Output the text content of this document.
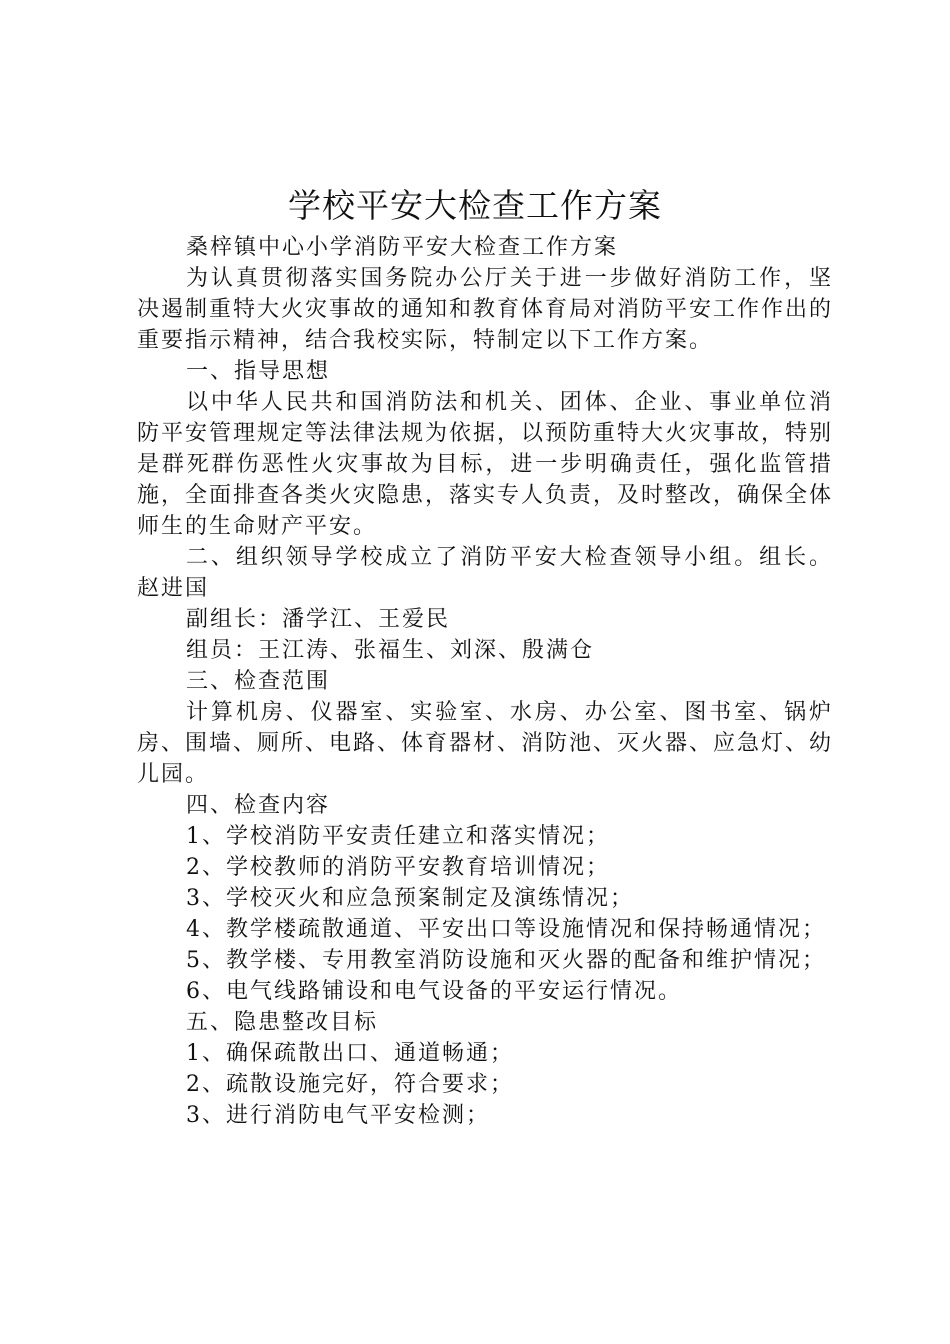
学校平安大检查工作方案

桑梓镇中心小学消防平安大检查工作方案

为认真贯彻落实国务院办公厅关于进一步做好消防工作，坚决遏制重特大火灾事故的通知和教育体育局对消防平安工作作出的重要指示精神，结合我校实际，特制定以下工作方案。

一、指导思想

以中华人民共和国消防法和机关、团体、企业、事业单位消防平安管理规定等法律法规为依据，以预防重特大火灾事故，特别是群死群伤恶性火灾事故为目标，进一步明确责任，强化监管措施，全面排查各类火灾隐患，落实专人负责，及时整改，确保全体师生的生命财产平安。

二、组织领导学校成立了消防平安大检查领导小组。组长。赵进国

副组长：潘学江、王爱民

组员：王江涛、张福生、刘深、殷满仓

三、检查范围

计算机房、仪器室、实验室、水房、办公室、图书室、锅炉房、围墙、厕所、电路、体育器材、消防池、灭火器、应急灯、幼儿园。

四、检查内容

1、学校消防平安责任建立和落实情况；

2、学校教师的消防平安教育培训情况；

3、学校灭火和应急预案制定及演练情况；

4、教学楼疏散通道、平安出口等设施情况和保持畅通情况；

5、教学楼、专用教室消防设施和灭火器的配备和维护情况；

6、电气线路铺设和电气设备的平安运行情况。

五、隐患整改目标

1、确保疏散出口、通道畅通；

2、疏散设施完好，符合要求；

3、进行消防电气平安检测；
